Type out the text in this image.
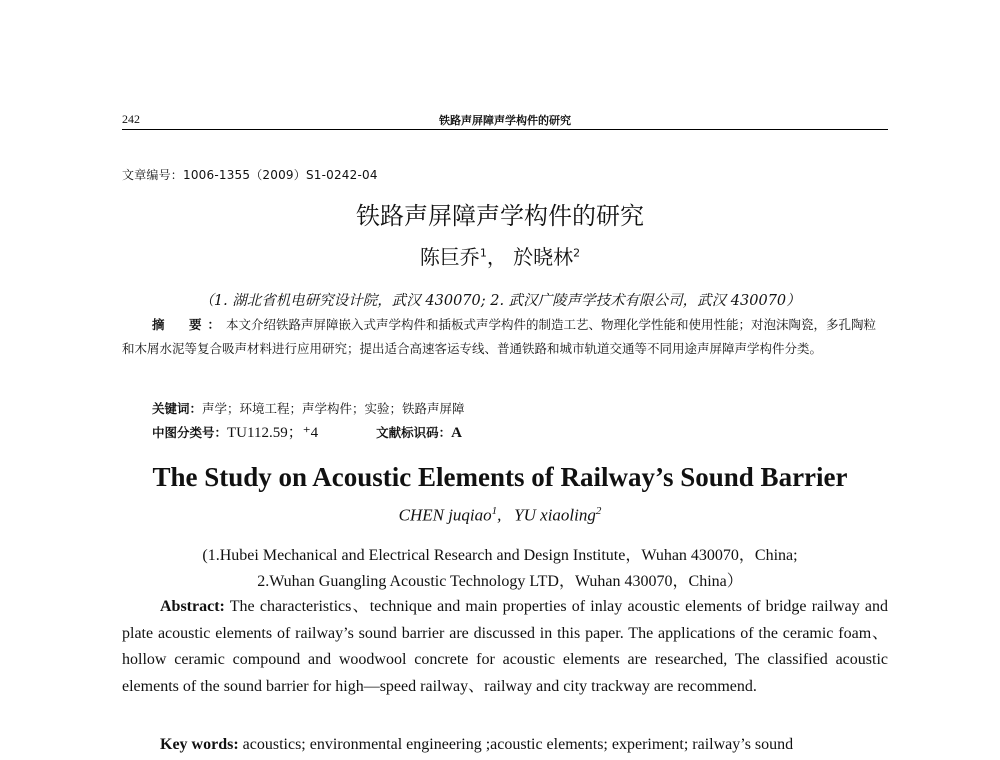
242	铁路声屏障声学构件的研究
文章编号：1006-1355（2009）S1-0242-04
铁路声屏障声学构件的研究
陈巨乔$^1$， 於晓林$^2$
（1. 湖北省机电研究设计院，武汉 430070; 2. 武汉广陵声学技术有限公司，武汉 430070）
摘　要：本文介绍铁路声屏障嵌入式声学构件和插板式声学构件的制造工艺、物理化学性能和使用性能；对泡沫陶瓷，多孔陶粒和木屑水泥等复合吸声材料进行应用研究；提出适合高速客运专线、普通铁路和城市轨道交通等不同用途声屏障声学构件分类。
关键词：声学；环境工程；声学构件；实验；铁路声屏障
中图分类号：TU112.59；⁺4	文献标识码：A
The Study on Acoustic Elements of Railway’s Sound Barrier
CHEN juqiao$^1$,   YU xiaoling$^2$
(1.Hubei Mechanical and Electrical Research and Design Institute，Wuhan 430070，China;
2.Wuhan Guangling Acoustic Technology LTD，Wuhan 430070，China）
Abstract: The characteristics、technique and main properties of inlay acoustic elements of bridge railway and plate acoustic elements of railway’s sound barrier are discussed in this paper. The applications of the ceramic foam、hollow ceramic compound and woodwool concrete for acoustic elements are researched, The classified acoustic elements of the sound barrier for high—speed railway、railway and city trackway are recommend.
Key words: acoustics; environmental engineering ;acoustic elements; experiment; railway’s sound
